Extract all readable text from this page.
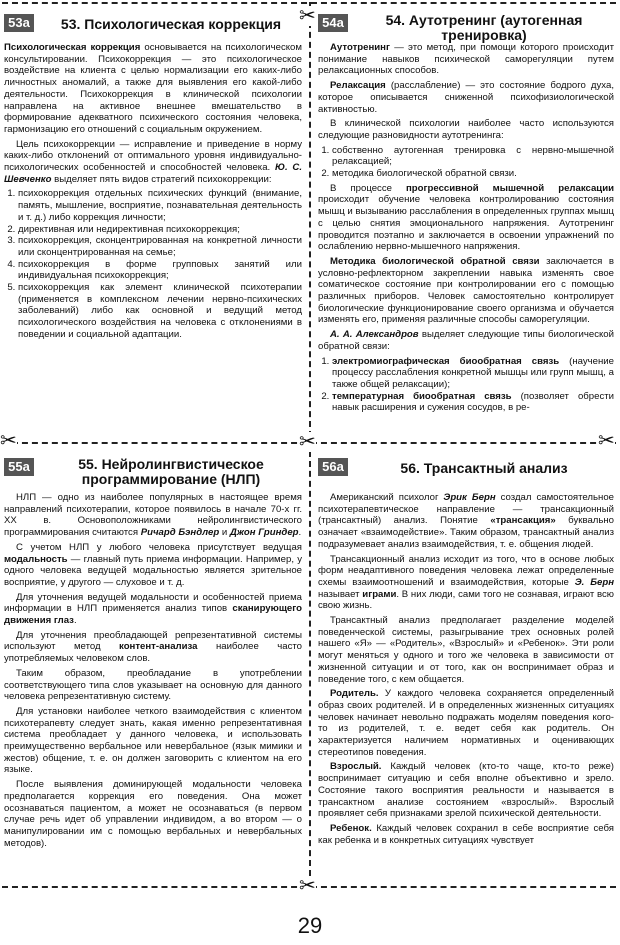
✂
✂	✂	✂
✂
53а	53. Психологическая коррекция

Психологическая коррекция основывается на психологическом консультировании. Психокоррекция — это психологическое воздействие на клиента с целью нормализации его каких-либо личностных аномалий, а также для выявления его какой-либо деятельности. Психокоррекция в клинической психологии направлена на активное внешнее вмешательство в формирование адекватного психического состояния человека, гармонизацию его отношений с социальным окружением.

Цель психокоррекции — исправление и приведение в норму каких-либо отклонений от оптимального уровня индивидуально-психологических особенностей и способностей человека. Ю. С. Шевченко выделяет пять видов стратегий психокоррекции:

1. психокоррекция отдельных психических функций (внимание, память, мышление, восприятие, познавательная деятельность и т. д.) либо коррекция личности;
2. директивная или недирективная психокоррекция;
3. психокоррекция, сконцентрированная на конкретной личности или сконцентрированная на семье;
4. психокоррекция в форме групповых занятий или индивидуальная психокоррекция;
5. психокоррекция как элемент клинической психотерапии (применяется в комплексном лечении нервно-психических заболеваний) либо как основной и ведущий метод психологического воздействия на человека с отклонениями в поведении и социальной адаптации.
54а	54. Аутотренинг (аутогенная тренировка)

Аутотренинг — это метод, при помощи которого происходит понимание навыков психической саморегуляции путем релаксационных способов.

Релаксация (расслабление) — это состояние бодрого духа, которое описывается сниженной психофизиологической активностью.

В клинической психологии наиболее часто используются следующие разновидности аутотренинга:

1. собственно аутогенная тренировка с нервно-мышечной релаксацией;
2. методика биологической обратной связи.

В процессе прогрессивной мышечной релаксации происходит обучение человека контролированию состояния мышц и вызыванию расслабления в определенных группах мышц с целью снятия эмоционального напряжения. Аутотренинг проводится поэтапно и заключается в освоении упражнений по ослаблению нервно-мышечного напряжения.

Методика биологической обратной связи заключается в условно-рефлекторном закреплении навыка изменять свое соматическое состояние при контролировании его с помощью различных приборов. Человек самостоятельно контролирует биологические функционирование своего организма и обучается изменять его, применяя различные способы саморегуляции.

А. А. Александров выделяет следующие типы биологической обратной связи:

1. электромиографическая биообратная связь (научение процессу расслабления конкретной мышцы или групп мышц, а также общей релаксации);
2. температурная биообратная связь (позволяет обрести навык расширения и сужения сосудов, в ре-
55а	55. Нейролингвистическое программирование (НЛП)

НЛП — одно из наиболее популярных в настоящее время направлений психотерапии, которое появилось в начале 70-х гг. XX в. Основоположниками нейролингвистического программирования считаются Ричард Бэндлер и Джон Гриндер.

С учетом НЛП у любого человека присутствует ведущая модальность — главный путь приема информации. Например, у одного человека ведущей модальностью является зрительное восприятие, у другого — слуховое и т. д.

Для уточнения ведущей модальности и особенностей приема информации в НЛП применяется анализ типов сканирующего движения глаз.

Для уточнения преобладающей репрезентативной системы используют метод контент-анализа наиболее часто употребляемых человеком слов.

Таким образом, преобладание в употреблении соответствующего типа слов указывает на основную для данного человека репрезентативную систему.

Для установки наиболее четкого взаимодействия с клиентом психотерапевту следует знать, какая именно репрезентативная система преобладает у данного человека, и использовать преимущественно вербальное или невербальное (язык мимики и жестов) общение, т. е. он должен заговорить с клиентом на его языке.

После выявления доминирующей модальности человека предполагается коррекция его поведения. Она может осознаваться пациентом, а может не осознаваться (в первом случае речь идет об управлении индивидом, а во втором — о манипулировании им с помощью вербальных и невербальных методов).

56а	56. Трансактный анализ

Американский психолог Эрик Берн создал самостоятельное психотерапевтическое направление — трансакционный (трансактный) анализ. Понятие «трансакция» буквально означает «взаимодействие». Таким образом, трансактный анализ подразумевает анализ взаимодействия, т. е. общения людей.

Трансакционный анализ исходит из того, что в основе любых форм неадаптивного поведения человека лежат определенные схемы взаимоотношений и взаимодействия, которые Э. Берн называет играми. В них люди, сами того не сознавая, играют всю свою жизнь.

Трансактный анализ предполагает разделение моделей поведенческой системы, разыгрывание трех основных ролей нашего «Я» — «Родитель», «Взрослый» и «Ребенок». Эти роли могут меняться у одного и того же человека в зависимости от жизненной ситуации и от того, как он воспринимает образ и поведение того, с кем общается.

Родитель. У каждого человека сохраняется определенный образ своих родителей. И в определенных жизненных ситуациях человек начинает невольно подражать моделям поведения кого-то из родителей, т. е. ведет себя как родитель. Он характеризуется наличием нормативных и оценивающих стереотипов поведения.

Взрослый. Каждый человек (кто-то чаще, кто-то реже) воспринимает ситуацию и себя вполне объективно и зрело. Состояние такого восприятия реальности и называется в трансактном анализе состоянием «взрослый». Взрослый проявляет себя признаками зрелой психической деятельности.

Ребенок. Каждый человек сохранил в себе восприятие себя как ребенка и в конкретных ситуациях чувствует

29
